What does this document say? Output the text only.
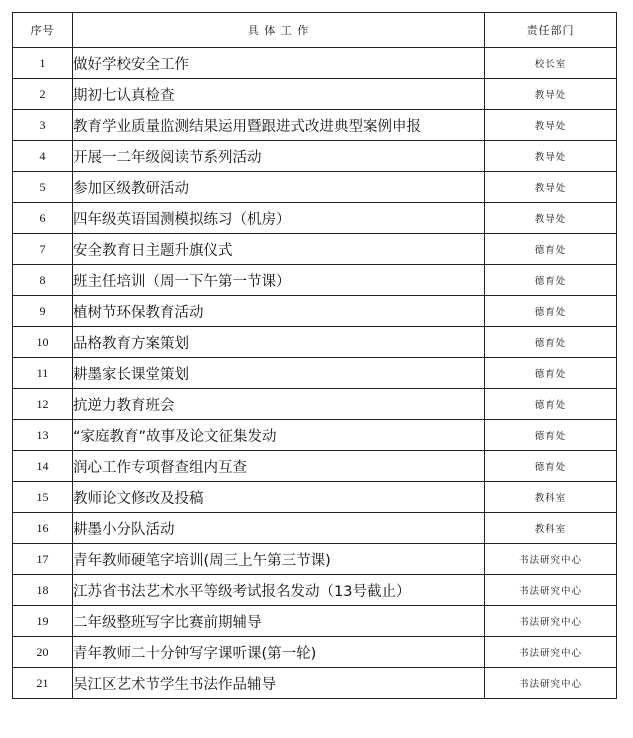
序号	具 体 工 作	责任部门
1	做好学校安全工作	校长室
2	期初七认真检查	教导处
3	教育学业质量监测结果运用暨跟进式改进典型案例申报	教导处
4	开展一二年级阅读节系列活动	教导处
5	参加区级教研活动	教导处
6	四年级英语国测模拟练习（机房）	教导处
7	安全教育日主题升旗仪式	德育处
8	班主任培训（周一下午第一节课）	德育处
9	植树节环保教育活动	德育处
10	品格教育方案策划	德育处
11	耕墨家长课堂策划	德育处
12	抗逆力教育班会	德育处
13	“家庭教育”故事及论文征集发动	德育处
14	润心工作专项督查组内互查	德育处
15	教师论文修改及投稿	教科室
16	耕墨小分队活动	教科室
17	青年教师硬笔字培训(周三上午第三节课)	书法研究中心
18	江苏省书法艺术水平等级考试报名发动（13号截止）	书法研究中心
19	二年级整班写字比赛前期辅导	书法研究中心
20	青年教师二十分钟写字课听课(第一轮)	书法研究中心
21	吴江区艺术节学生书法作品辅导	书法研究中心
